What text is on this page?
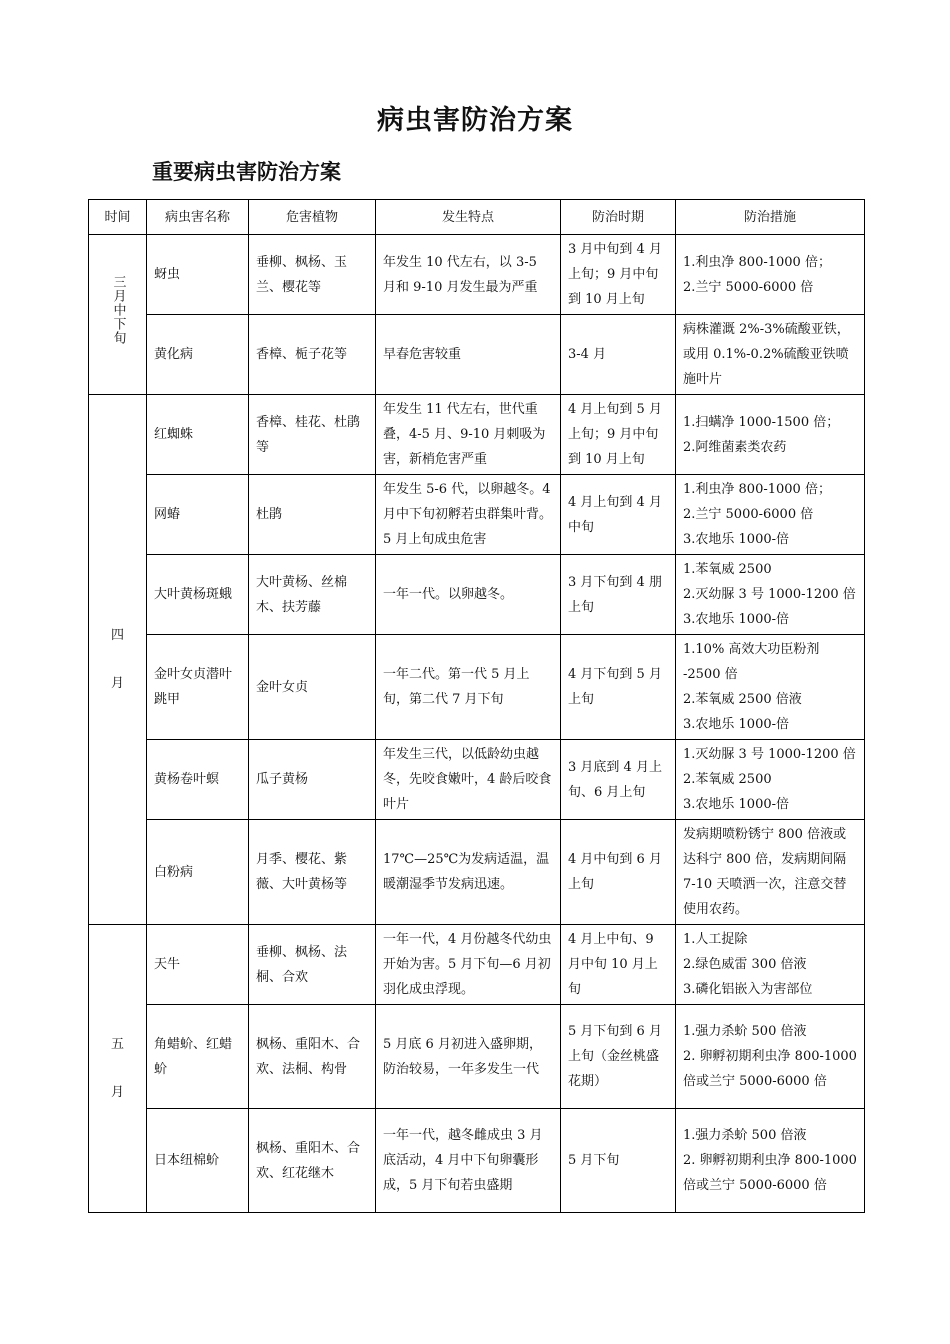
病虫害防治方案
重要病虫害防治方案
时间	病虫害名称	危害植物	发生特点	防治时期	防治措施
三月中下旬	蚜虫	垂柳、枫杨、玉兰、樱花等	年发生 10 代左右，以 3-5 月和 9-10 月发生最为严重	3 月中旬到 4 月上旬；9 月中旬到 10 月上旬	1.利虫净 800-1000 倍；
2.兰宁 5000-6000 倍

	黄化病	香樟、栀子花等	早春危害较重	3-4 月	病株灌溉 2%-3%硫酸亚铁，或用 0.1%-0.2%硫酸亚铁喷施叶片

四
月	红蜘蛛	香樟、桂花、杜鹃等	年发生 11 代左右，世代重叠，4-5 月、9-10 月刺吸为害，新梢危害严重	4 月上旬到 5 月上旬；9 月中旬到 10 月上旬	1.扫螨净 1000-1500 倍；
2.阿维菌素类农药

	网蝽	杜鹃	年发生 5-6 代，以卵越冬。4 月中下旬初孵若虫群集叶背。5 月上旬成虫危害	4 月上旬到 4 月中旬	1.利虫净 800-1000 倍；
2.兰宁 5000-6000 倍
3.农地乐 1000-倍

	大叶黄杨斑蛾	大叶黄杨、丝棉木、扶芳藤	一年一代。以卵越冬。	3 月下旬到 4 朋上旬	1.苯氧威 2500
2.灭幼脲 3 号 1000-1200 倍
3.农地乐 1000-倍

	金叶女贞潜叶跳甲	金叶女贞	一年二代。第一代 5 月上旬，第二代 7 月下旬	4 月下旬到 5 月上旬	1.10% 高效大功臣粉剂 -2500 倍
2.苯氧威 2500 倍液
3.农地乐 1000-倍

	黄杨卷叶螟	瓜子黄杨	年发生三代，以低龄幼虫越冬，先咬食嫩叶，4 龄后咬食叶片	3 月底到 4 月上旬、6 月上旬	1.灭幼脲 3 号 1000-1200 倍
2.苯氧威 2500
3.农地乐 1000-倍

	白粉病	月季、樱花、紫薇、大叶黄杨等	17℃—25℃为发病适温，温暖潮湿季节发病迅速。	4 月中旬到 6 月上旬	发病期喷粉锈宁 800 倍液或达科宁 800 倍，发病期间隔 7-10 天喷洒一次，注意交替使用农药。

五
月	天牛	垂柳、枫杨、法桐、合欢	一年一代，4 月份越冬代幼虫开始为害。5 月下旬—6 月初羽化成虫浮现。	4 月上中旬、9 月中旬 10 月上旬	1.人工捉除
2.绿色威雷 300 倍液
3.磷化铝嵌入为害部位

	角蜡蚧、红蜡蚧	枫杨、重阳木、合欢、法桐、构骨	5 月底 6 月初进入盛卵期，防治较易，一年多发生一代	5 月下旬到 6 月上旬（金丝桃盛花期）	1.强力杀蚧 500 倍液
2. 卵孵初期利虫净 800-1000 倍或兰宁 5000-6000 倍

	日本纽棉蚧	枫杨、重阳木、合欢、红花继木	一年一代，越冬雌成虫 3 月底活动，4 月中下旬卵囊形成，5 月下旬若虫盛期	5 月下旬	1.强力杀蚧 500 倍液
2. 卵孵初期利虫净 800-1000 倍或兰宁 5000-6000 倍
